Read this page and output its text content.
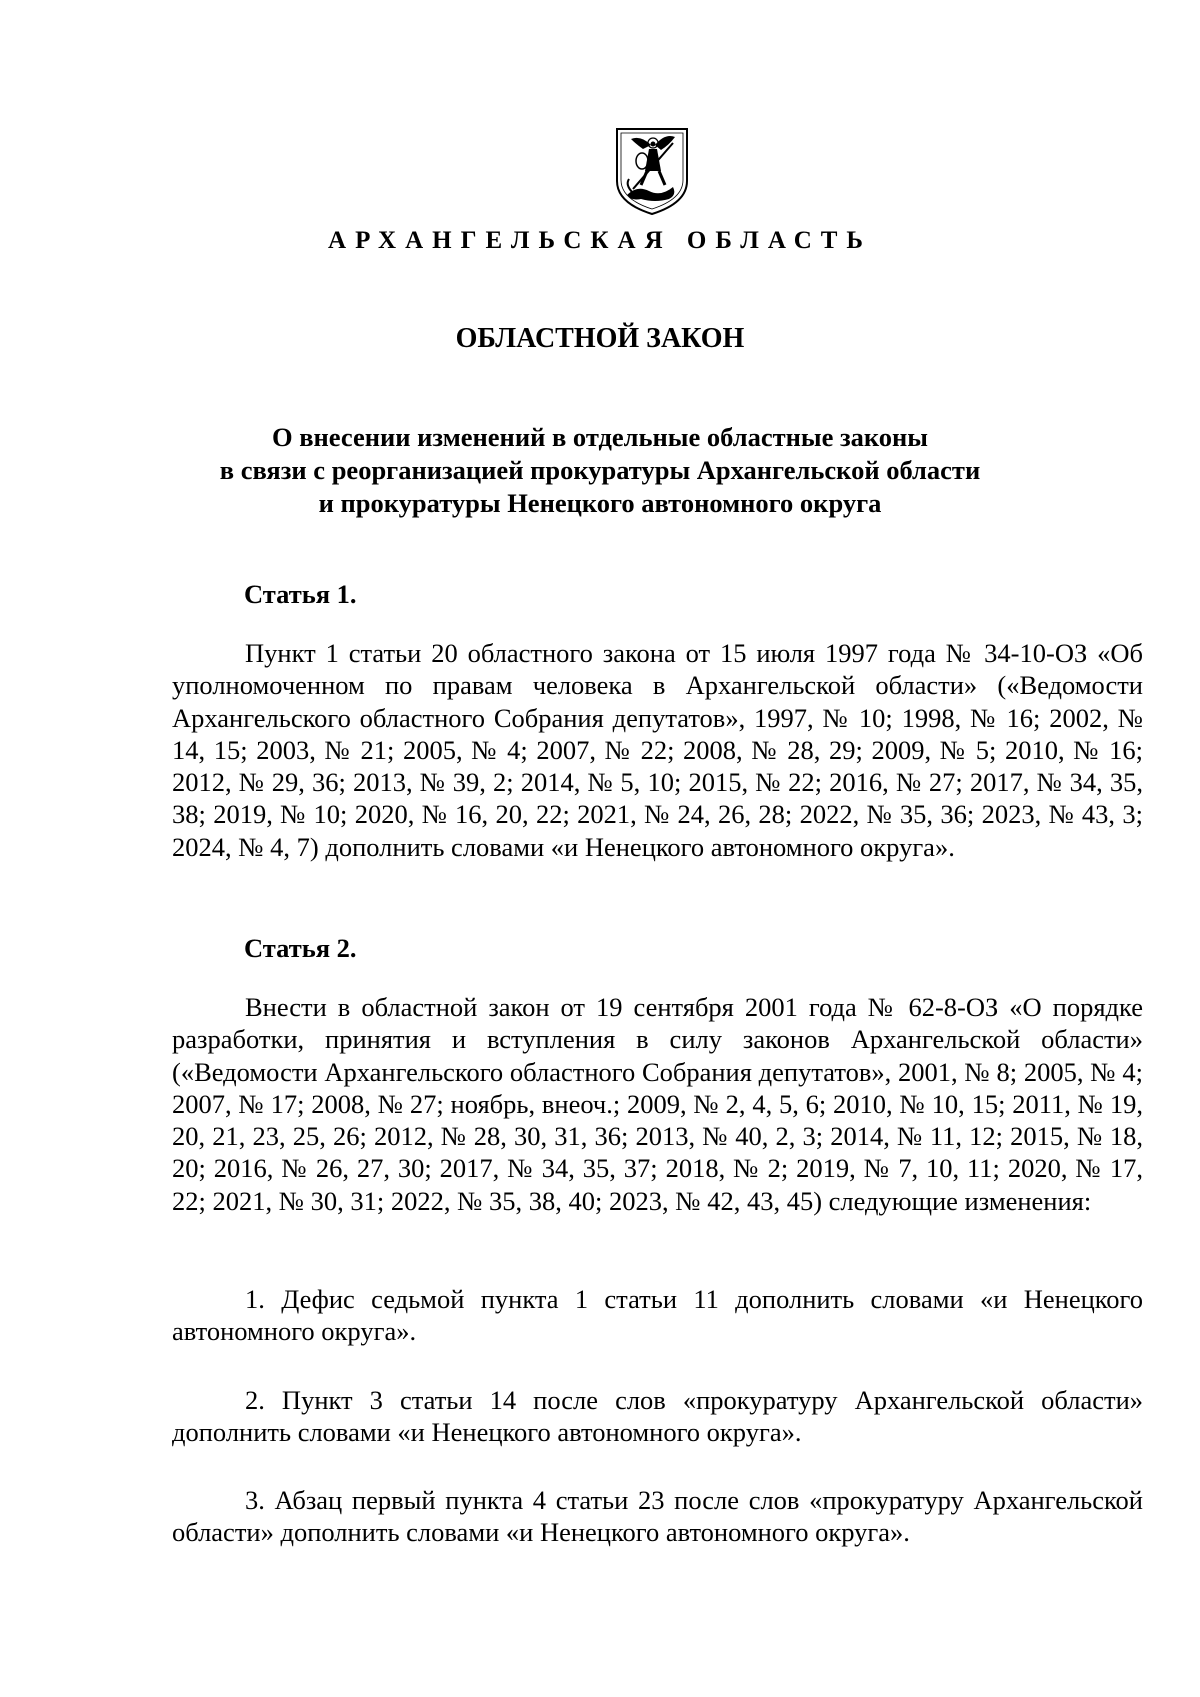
АРХАНГЕЛЬСКАЯ ОБЛАСТЬ
ОБЛАСТНОЙ ЗАКОН
О внесении изменений в отдельные областные законы
в связи с реорганизацией прокуратуры Архангельской области
и прокуратуры Ненецкого автономного округа
Статья 1.
Пункт 1 статьи 20 областного закона от 15 июля 1997 года № 34-10-ОЗ «Об уполномоченном по правам человека в Архангельской области» («Ведомости Архангельского областного Собрания депутатов», 1997, № 10; 1998, № 16; 2002, № 14, 15; 2003, № 21; 2005, № 4; 2007, № 22; 2008, № 28, 29; 2009, № 5; 2010, № 16; 2012, № 29, 36; 2013, № 39, 2; 2014, № 5, 10; 2015, № 22; 2016, № 27; 2017, № 34, 35, 38; 2019, № 10; 2020, № 16, 20, 22; 2021, № 24, 26, 28; 2022, № 35, 36; 2023, № 43, 3; 2024, № 4, 7) дополнить словами «и Ненецкого автономного округа».
Статья 2.
Внести в областной закон от 19 сентября 2001 года № 62-8-ОЗ «О порядке разработки, принятия и вступления в силу законов Архангельской области» («Ведомости Архангельского областного Собрания депутатов», 2001, № 8; 2005, № 4; 2007, № 17; 2008, № 27; ноябрь, внеоч.; 2009, № 2, 4, 5, 6; 2010, № 10, 15; 2011, № 19, 20, 21, 23, 25, 26; 2012, № 28, 30, 31, 36; 2013, № 40, 2, 3; 2014, № 11, 12; 2015, № 18, 20; 2016, № 26, 27, 30; 2017, № 34, 35, 37; 2018, № 2; 2019, № 7, 10, 11; 2020, № 17, 22; 2021, № 30, 31; 2022, № 35, 38, 40; 2023, № 42, 43, 45) следующие изменения:
1. Дефис седьмой пункта 1 статьи 11 дополнить словами «и Ненецкого автономного округа».
2. Пункт 3 статьи 14 после слов «прокуратуру Архангельской области» дополнить словами «и Ненецкого автономного округа».
3. Абзац первый пункта 4 статьи 23 после слов «прокуратуру Архангельской области» дополнить словами «и Ненецкого автономного округа».
